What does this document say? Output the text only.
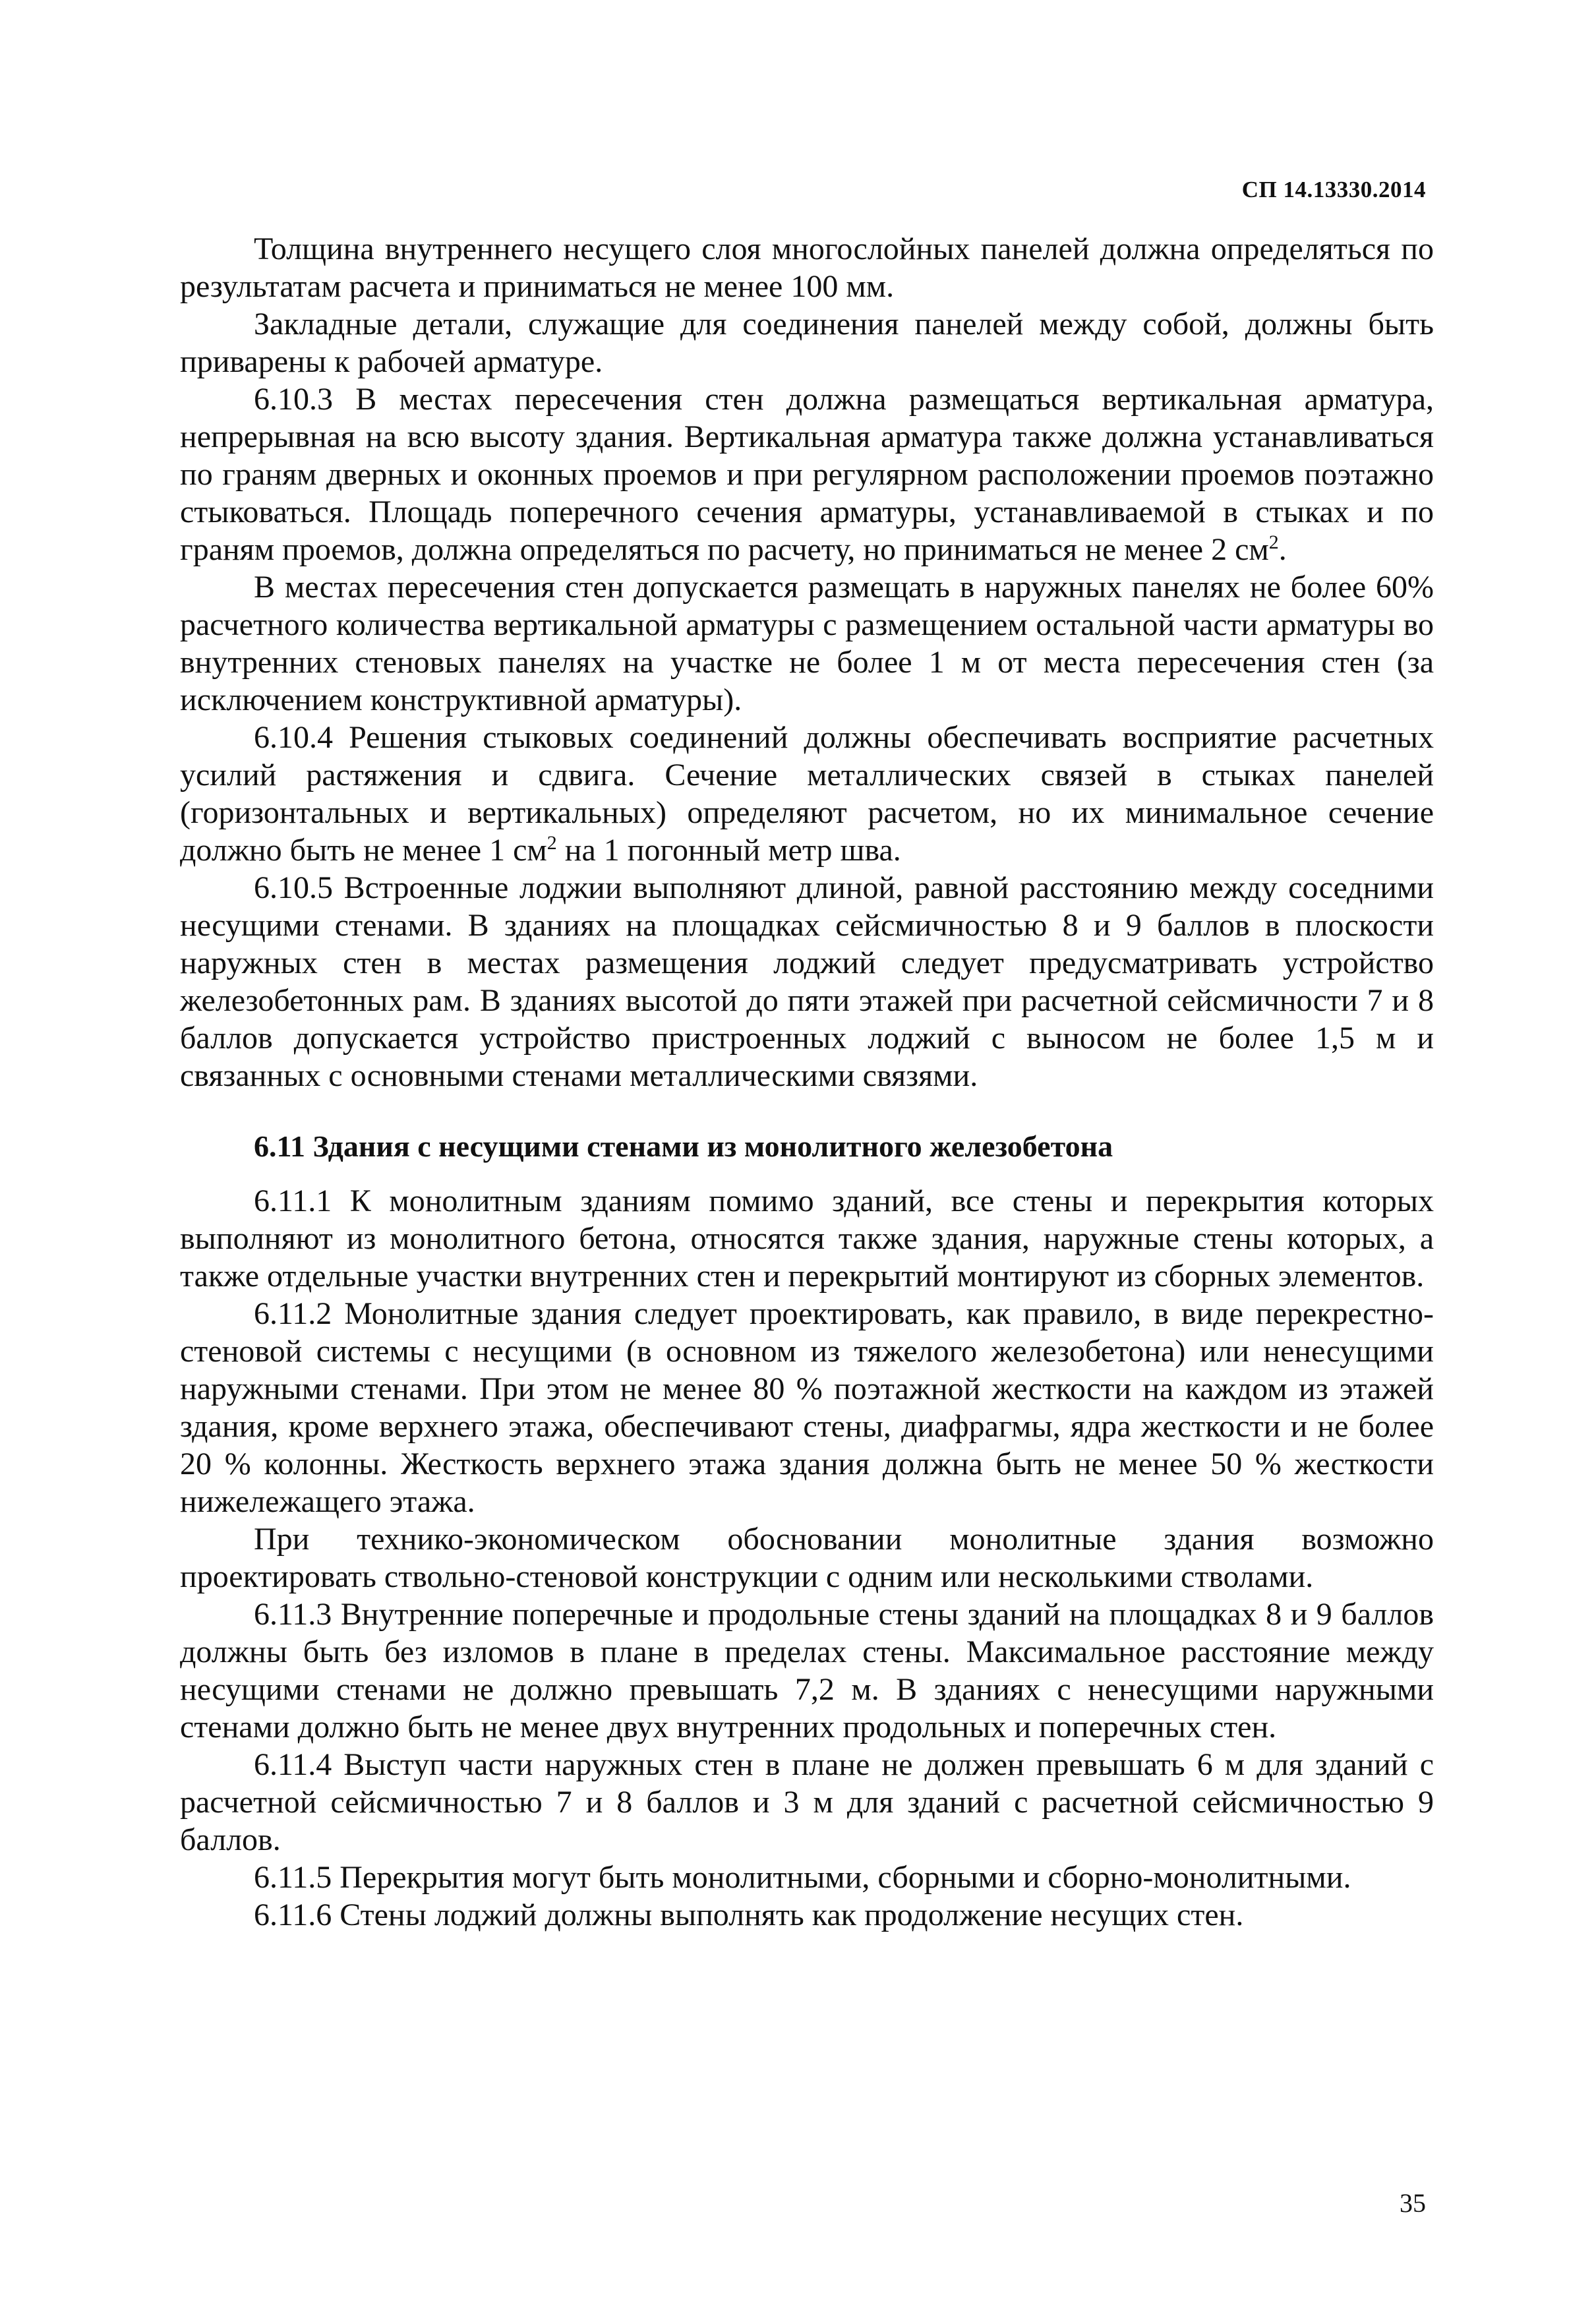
СП 14.13330.2014

Толщина внутреннего несущего слоя многослойных панелей должна определяться по результатам расчета и приниматься не менее 100 мм.

Закладные детали, служащие для соединения панелей между собой, должны быть приварены к рабочей арматуре.

6.10.3 В местах пересечения стен должна размещаться вертикальная арматура, непрерывная на всю высоту здания. Вертикальная арматура также должна устанавливаться по граням дверных и оконных проемов и при регулярном расположении проемов поэтажно стыковаться. Площадь поперечного сечения арматуры, устанавливаемой в стыках и по граням проемов, должна определяться по расчету, но приниматься не менее 2 $см^2$.

В местах пересечения стен допускается размещать в наружных панелях не более 60% расчетного количества вертикальной арматуры с размещением остальной части арматуры во внутренних стеновых панелях на участке не более 1 м от места пересечения стен (за исключением конструктивной арматуры).

6.10.4 Решения стыковых соединений должны обеспечивать восприятие расчетных усилий растяжения и сдвига. Сечение металлических связей в стыках панелей (горизонтальных и вертикальных) определяют расчетом, но их минимальное сечение должно быть не менее 1 $см^2$ на 1 погонный метр шва.

6.10.5 Встроенные лоджии выполняют длиной, равной расстоянию между соседними несущими стенами. В зданиях на площадках сейсмичностью 8 и 9 баллов в плоскости наружных стен в местах размещения лоджий следует предусматривать устройство железобетонных рам. В зданиях высотой до пяти этажей при расчетной сейсмичности 7 и 8 баллов допускается устройство пристроенных лоджий с выносом не более 1,5 м и связанных с основными стенами металлическими связями.

6.11 Здания с несущими стенами из монолитного железобетона

6.11.1 К монолитным зданиям помимо зданий, все стены и перекрытия которых выполняют из монолитного бетона, относятся также здания, наружные стены которых, а также отдельные участки внутренних стен и перекрытий монтируют из сборных элементов.

6.11.2 Монолитные здания следует проектировать, как правило, в виде перекрестно-стеновой системы с несущими (в основном из тяжелого железобетона) или ненесущими наружными стенами. При этом не менее 80 % поэтажной жесткости на каждом из этажей здания, кроме верхнего этажа, обеспечивают стены, диафрагмы, ядра жесткости и не более 20 % колонны. Жесткость верхнего этажа здания должна быть не менее 50 % жесткости нижележащего этажа.

При технико-экономическом обосновании монолитные здания возможно проектировать ствольно-стеновой конструкции с одним или несколькими стволами.

6.11.3 Внутренние поперечные и продольные стены зданий на площадках 8 и 9 баллов должны быть без изломов в плане в пределах стены. Максимальное расстояние между несущими стенами не должно превышать 7,2 м. В зданиях с ненесущими наружными стенами должно быть не менее двух внутренних продольных и поперечных стен.

6.11.4 Выступ части наружных стен в плане не должен превышать 6 м для зданий с расчетной сейсмичностью 7 и 8 баллов и 3 м для зданий с расчетной сейсмичностью 9 баллов.

6.11.5 Перекрытия могут быть монолитными, сборными и сборно-монолитными.

6.11.6 Стены лоджий должны выполнять как продолжение несущих стен.

35
